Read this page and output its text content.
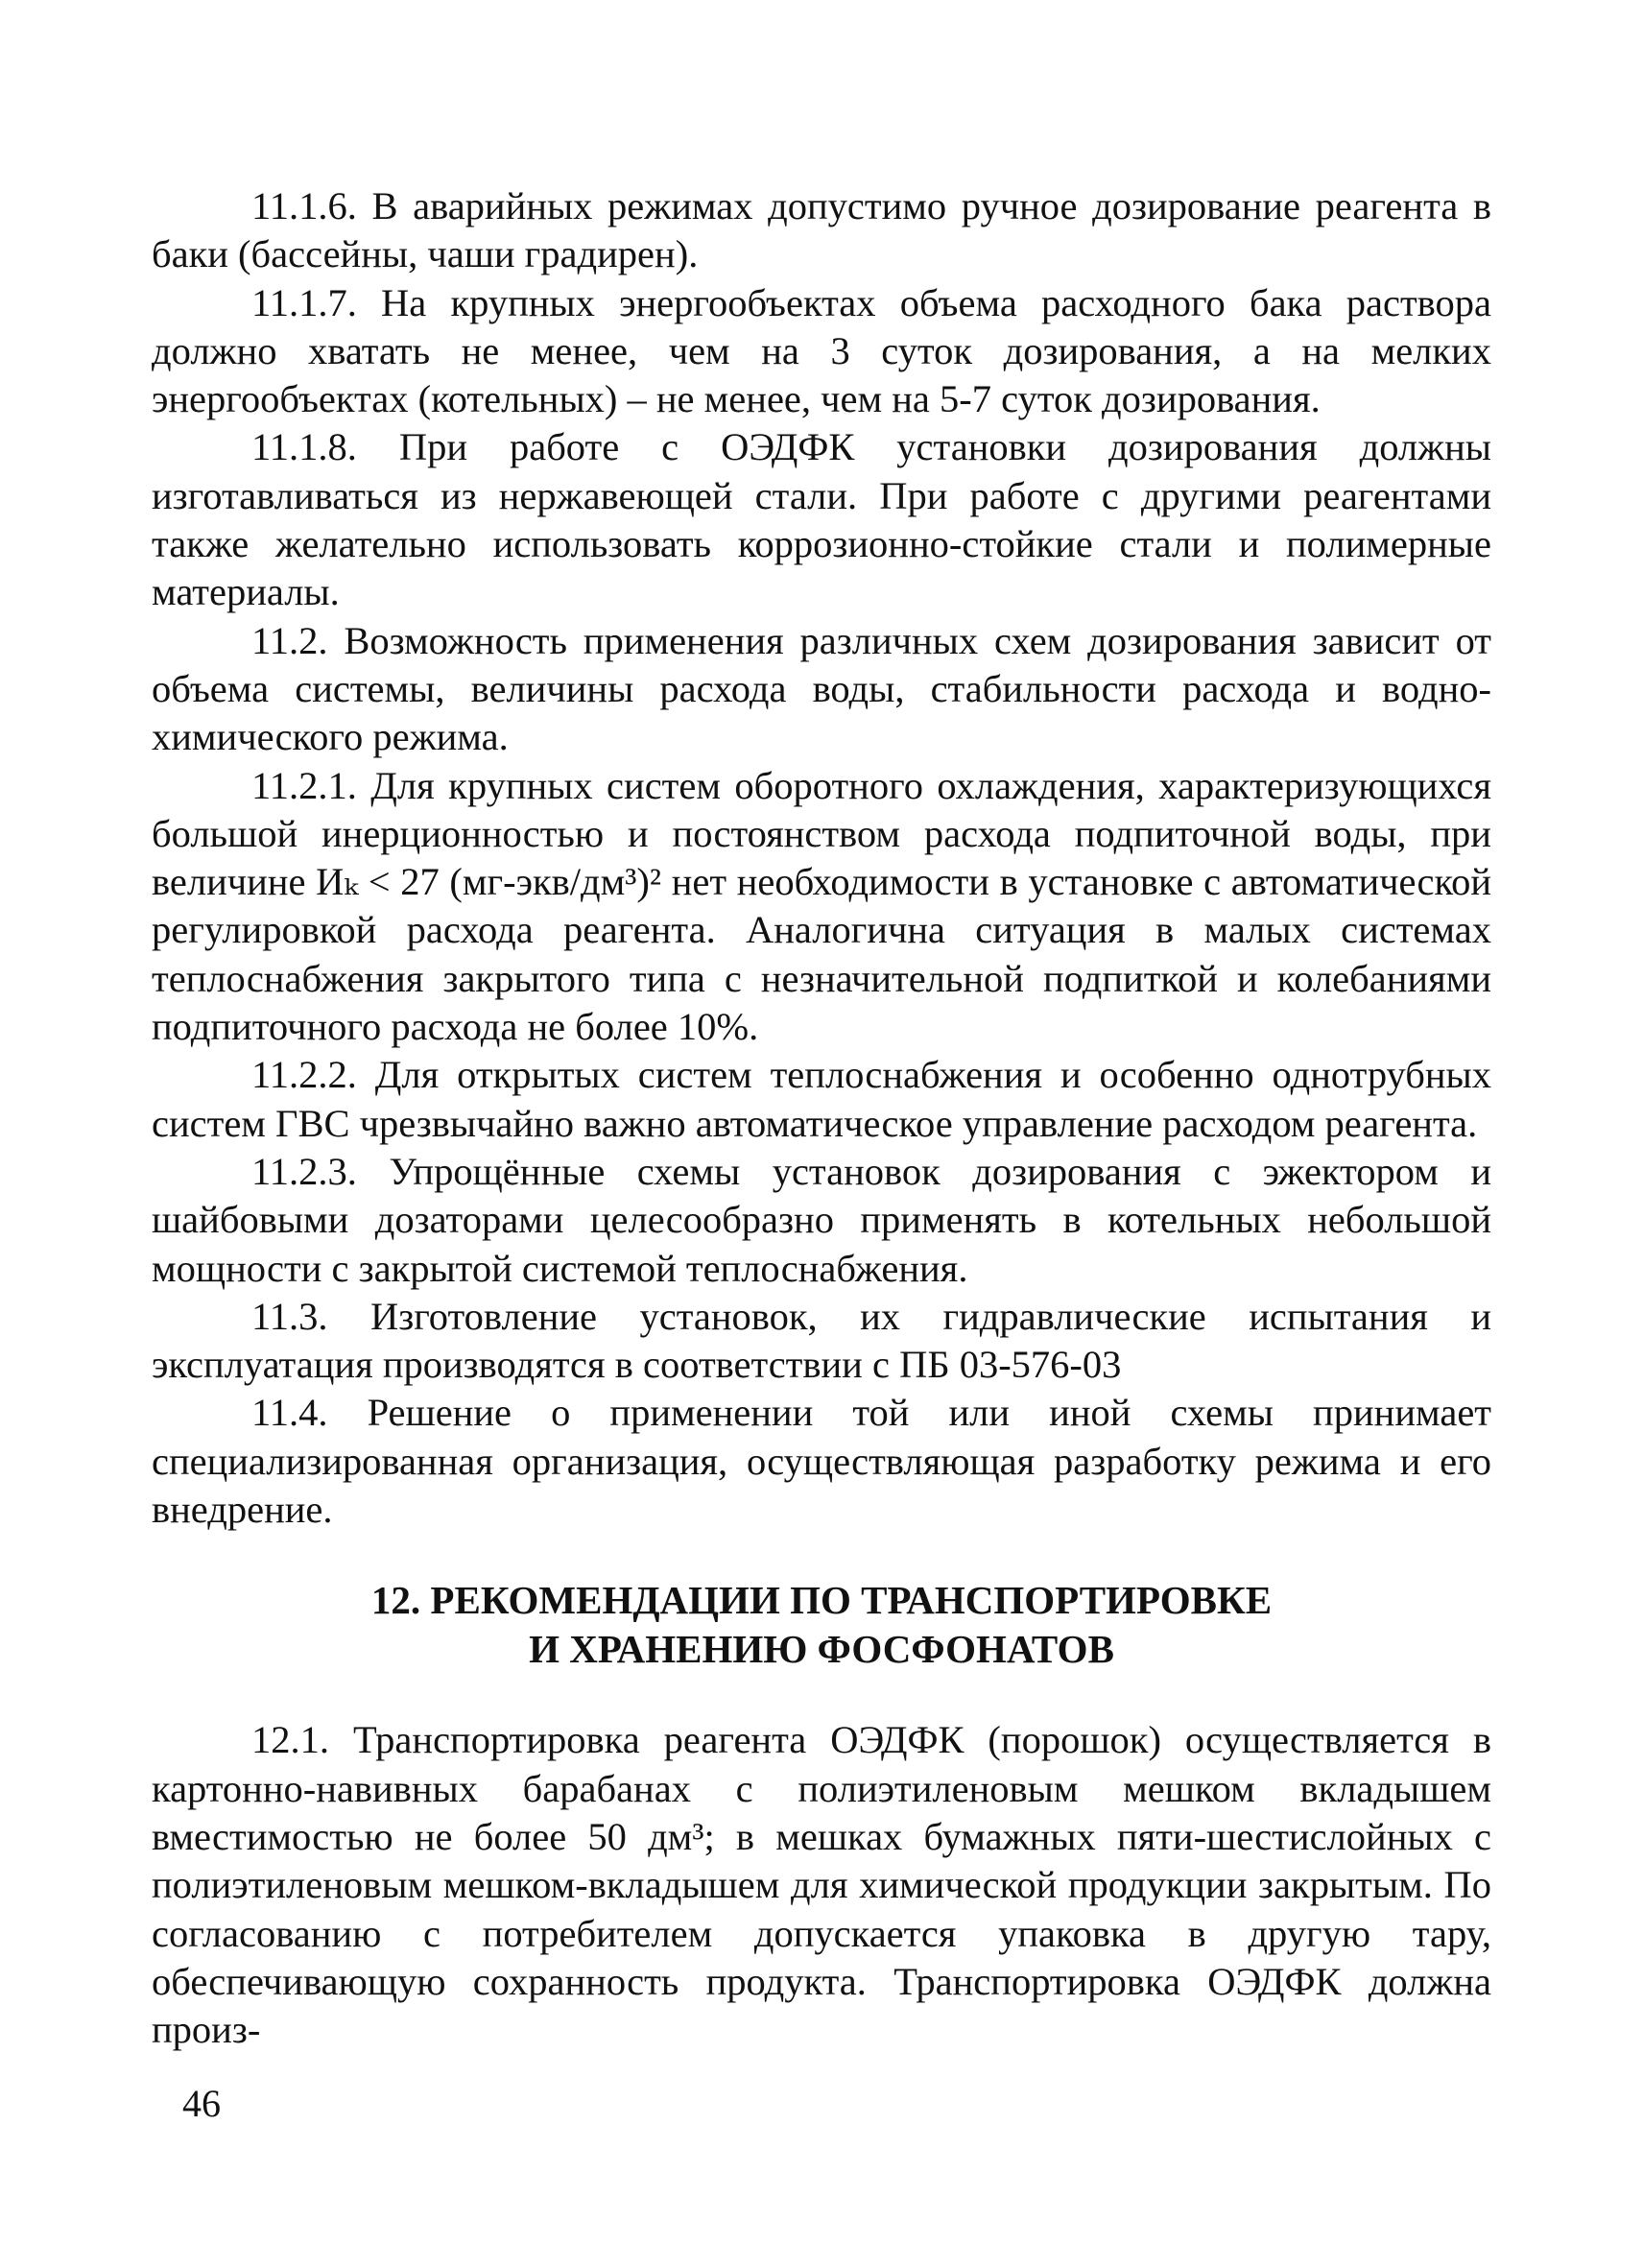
11.1.6. В аварийных режимах допустимо ручное дозирование реагента в баки (бассейны, чаши градирен).

11.1.7. На крупных энергообъектах объема расходного бака раствора должно хватать не менее, чем на 3 суток дозирования, а на мелких энергообъектах (котельных) – не менее, чем на 5-7 суток дозирования.

11.1.8. При работе с ОЭДФК установки дозирования должны изготавливаться из нержавеющей стали. При работе с другими реагентами также желательно использовать коррозионно-стойкие стали и полимерные материалы.

11.2. Возможность применения различных схем дозирования зависит от объема системы, величины расхода воды, стабильности расхода и водно-химического режима.

11.2.1. Для крупных систем оборотного охлаждения, характеризующихся большой инерционностью и постоянством расхода подпиточной воды, при величине Иₖ < 27 (мг-экв/дм³)² нет необходимости в установке с автоматической регулировкой расхода реагента. Аналогична ситуация в малых системах теплоснабжения закрытого типа с незначительной подпиткой и колебаниями подпиточного расхода не более 10%.

11.2.2. Для открытых систем теплоснабжения и особенно однотрубных систем ГВС чрезвычайно важно автоматическое управление расходом реагента.

11.2.3. Упрощённые схемы установок дозирования с эжектором и шайбовыми дозаторами целесообразно применять в котельных небольшой мощности с закрытой системой теплоснабжения.

11.3. Изготовление установок, их гидравлические испытания и эксплуатация производятся в соответствии с ПБ 03-576-03

11.4. Решение о применении той или иной схемы принимает специализированная организация, осуществляющая разработку режима и его внедрение.

12. РЕКОМЕНДАЦИИ ПО ТРАНСПОРТИРОВКЕ
И ХРАНЕНИЮ ФОСФОНАТОВ

12.1. Транспортировка реагента ОЭДФК (порошок) осуществляется в картонно-навивных барабанах с полиэтиленовым мешком вкладышем вместимостью не более 50 дм³; в мешках бумажных пяти-шестислойных с полиэтиленовым мешком-вкладышем для химической продукции закрытым. По согласованию с потребителем допускается упаковка в другую тару, обеспечивающую сохранность продукта. Транспортировка ОЭДФК должна произ-

46
